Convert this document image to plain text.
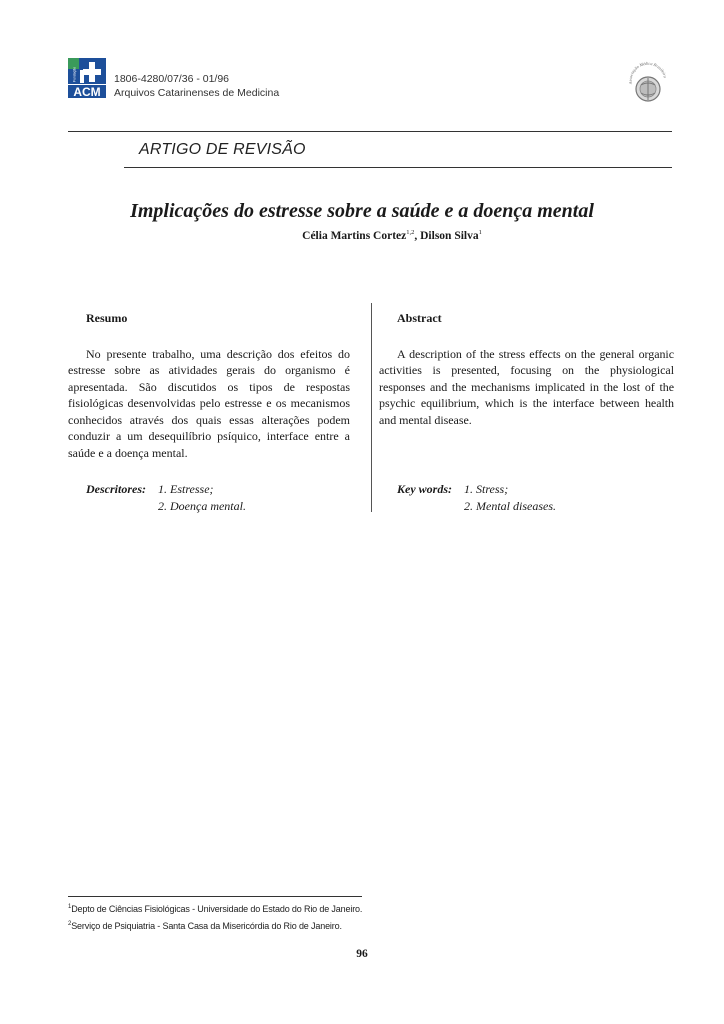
Fundação
ACM
1806-4280/07/36 - 01/96
Arquivos Catarinenses de Medicina
Associação Médica Brasileira
ARTIGO DE REVISÃO
Implicações do estresse sobre a saúde e a doença mental
Célia Martins Cortez$^{1,2}$, Dilson Silva$^1$
Resumo

No presente trabalho, uma descrição dos efeitos do estresse sobre as atividades gerais do organismo é apresentada. São discutidos os tipos de respostas fisiológicas desenvolvidas pelo estresse e os mecanismos conhecidos através dos quais essas alterações podem conduzir a um desequilíbrio psíquico, interface entre a saúde e a doença mental.

Descritores:	1. Estresse;
2. Doença mental.
Abstract

A description of the stress effects on the general organic activities is presented, focusing on the physiological responses and the mechanisms implicated in the lost of the psychic equilibrium, which is the interface between health and mental disease.

Key words:	1. Stress;
2. Mental diseases.
$^1$Depto de Ciências Fisiológicas - Universidade do Estado do Rio de Janeiro.
$^2$Serviço de Psiquiatria - Santa Casa da Misericórdia do Rio de Janeiro.
96
